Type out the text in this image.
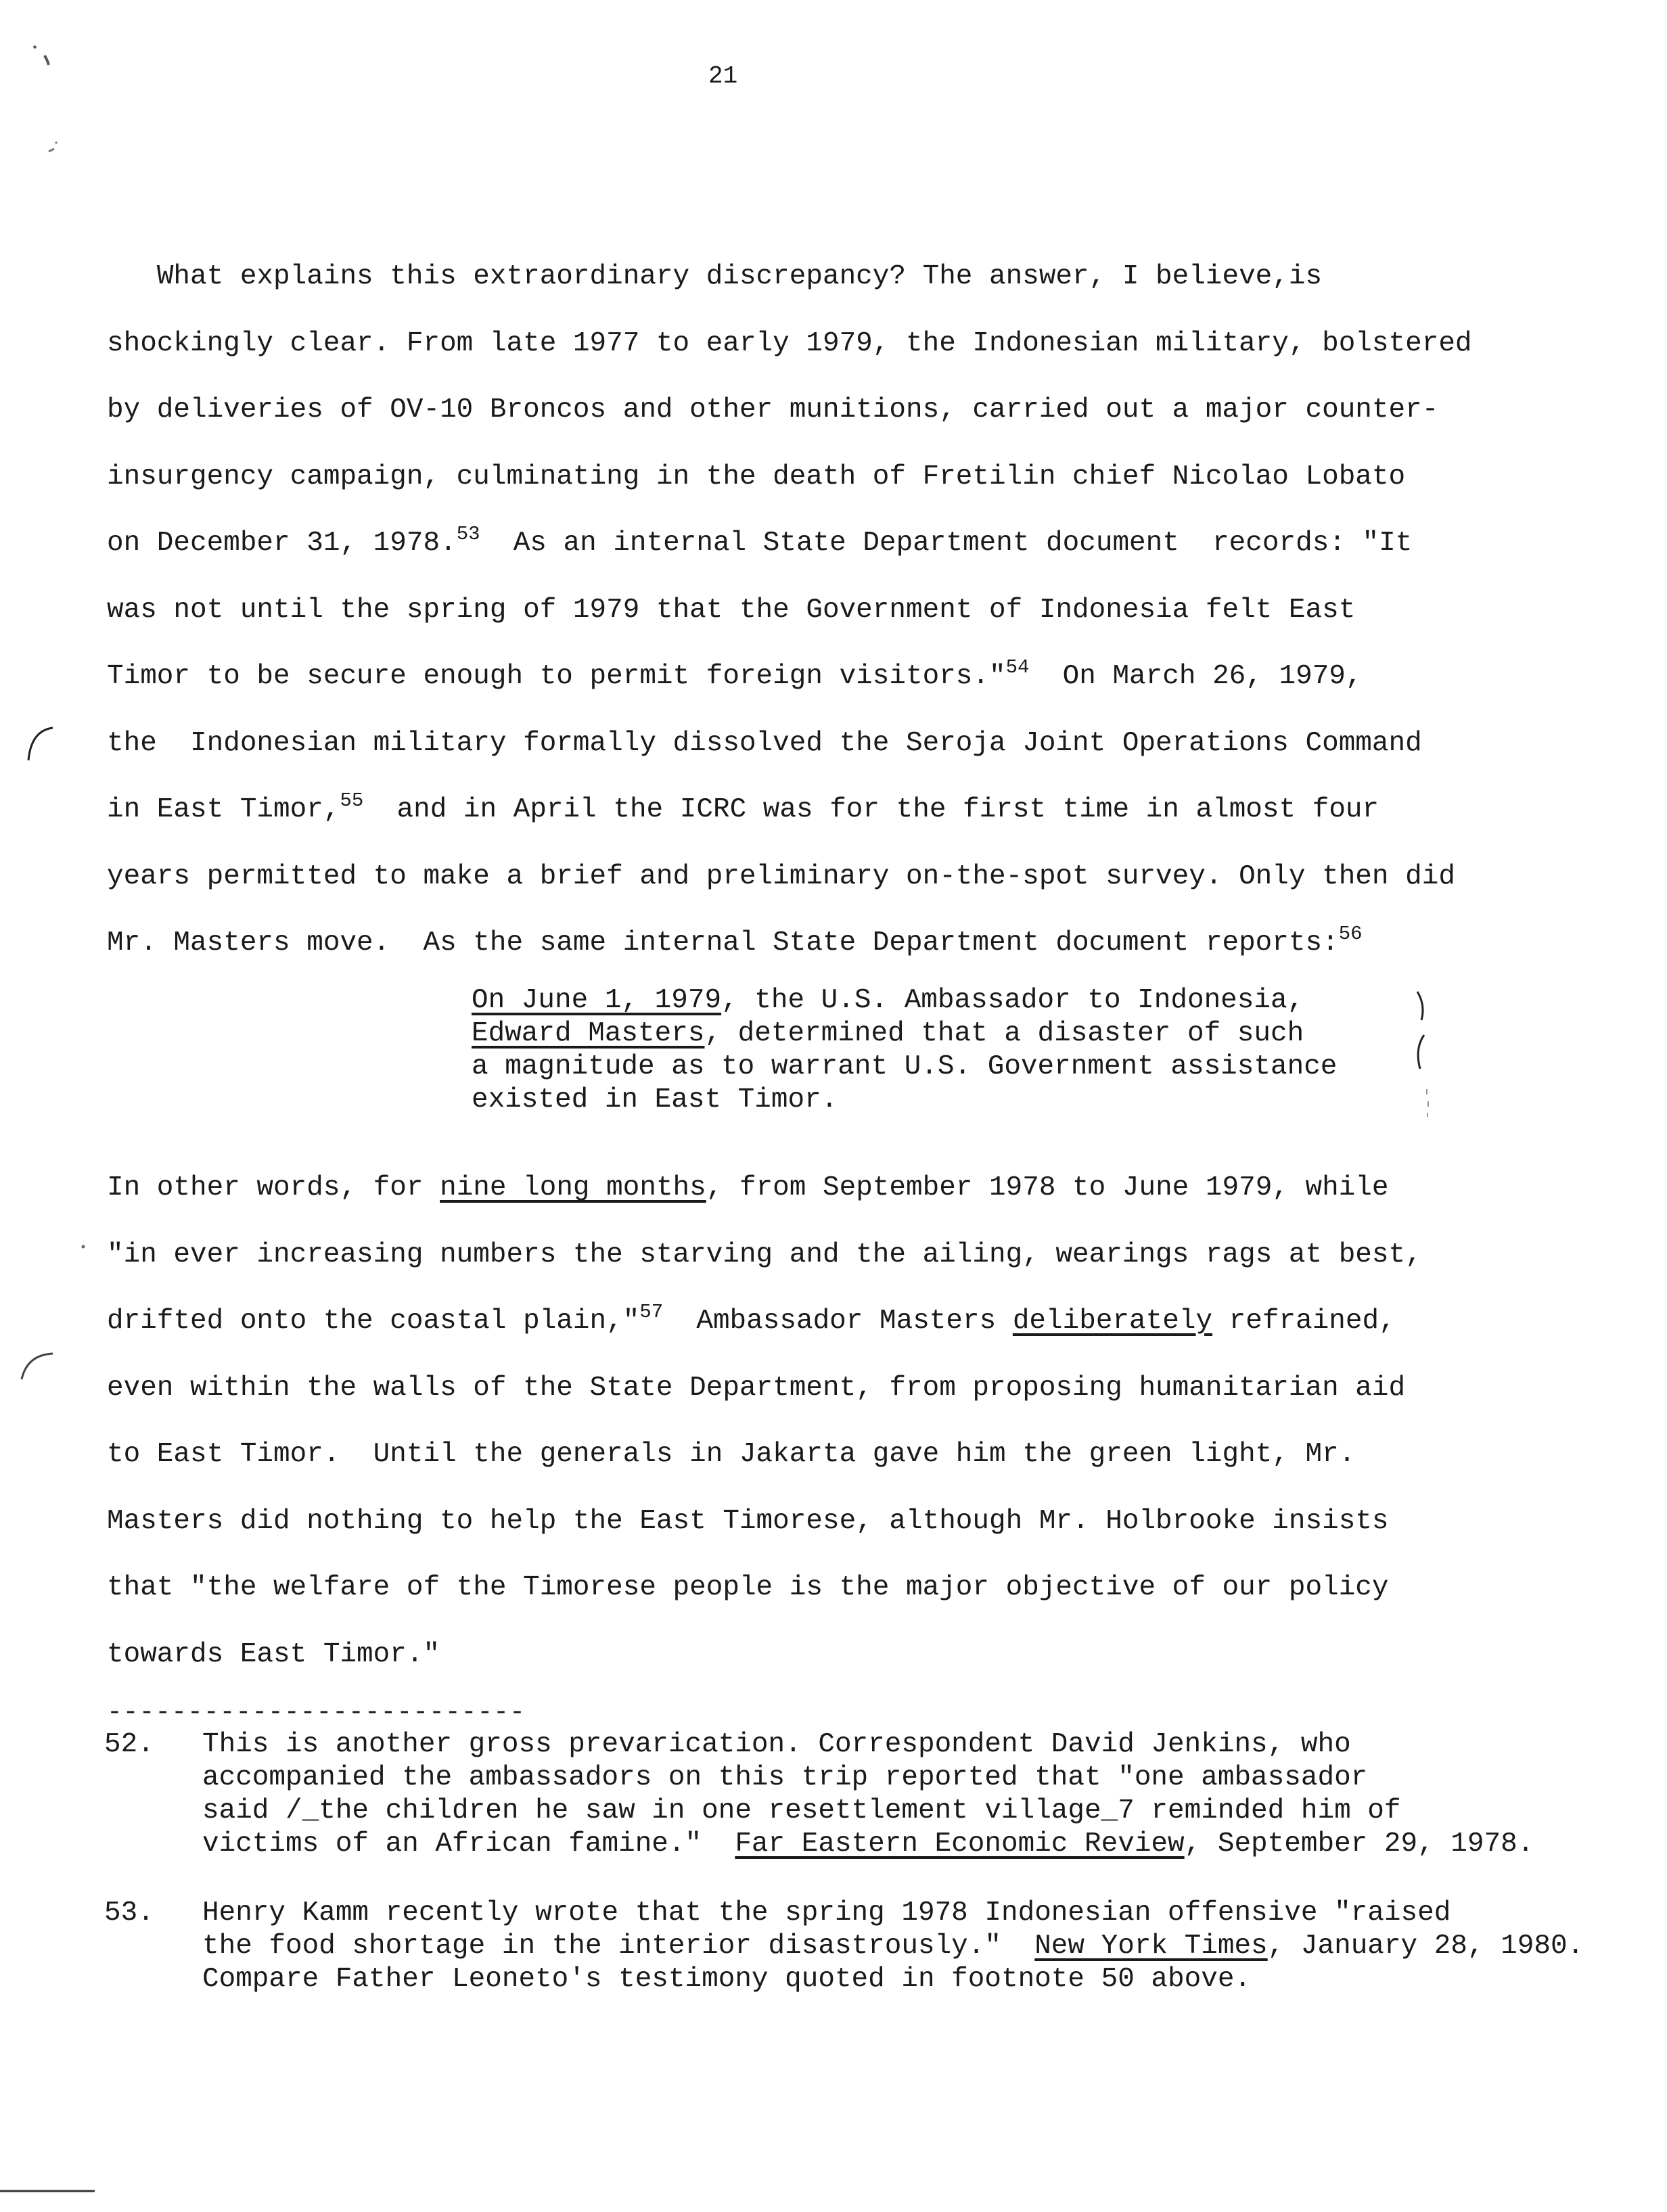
21
What explains this extraordinary discrepancy? The answer, I believe,is
shockingly clear. From late 1977 to early 1979, the Indonesian military, bolstered
by deliveries of OV-10 Broncos and other munitions, carried out a major counter-
insurgency campaign, culminating in the death of Fretilin chief Nicolao Lobato
on December 31, 1978.53  As an internal State Department document  records: "It
was not until the spring of 1979 that the Government of Indonesia felt East
Timor to be secure enough to permit foreign visitors."$^{54}$  On March 26, 1979,
the  Indonesian military formally dissolved the Seroja Joint Operations Command
in East Timor,$^{55}$  and in April the ICRC was for the first time in almost four
years permitted to make a brief and preliminary on-the-spot survey. Only then did
Mr. Masters move.  As the same internal State Department document reports:$^{56}$
On June 1, 1979, the U.S. Ambassador to Indonesia,
Edward Masters, determined that a disaster of such
a magnitude as to warrant U.S. Government assistance
existed in East Timor.
In other words, for nine long months, from September 1978 to June 1979, while
"in ever increasing numbers the starving and the ailing, wearings rags at best,
drifted onto the coastal plain,"$^{57}$  Ambassador Masters deliberately refrained,
even within the walls of the State Department, from proposing humanitarian aid
to East Timor.  Until the generals in Jakarta gave him the green light, Mr.
Masters did nothing to help the East Timorese, although Mr. Holbrooke insists
that "the welfare of the Timorese people is the major objective of our policy
towards East Timor."
--------------------------
52. This is another gross prevarication. Correspondent David Jenkins, who
accompanied the ambassadors on this trip reported that "one ambassador
said /_the children he saw in one resettlement village_7 reminded him of
victims of an African famine."  Far Eastern Economic Review, September 29, 1978.
53. Henry Kamm recently wrote that the spring 1978 Indonesian offensive "raised
the food shortage in the interior disastrously."  New York Times, January 28, 1980.
Compare Father Leoneto's testimony quoted in footnote 50 above.
